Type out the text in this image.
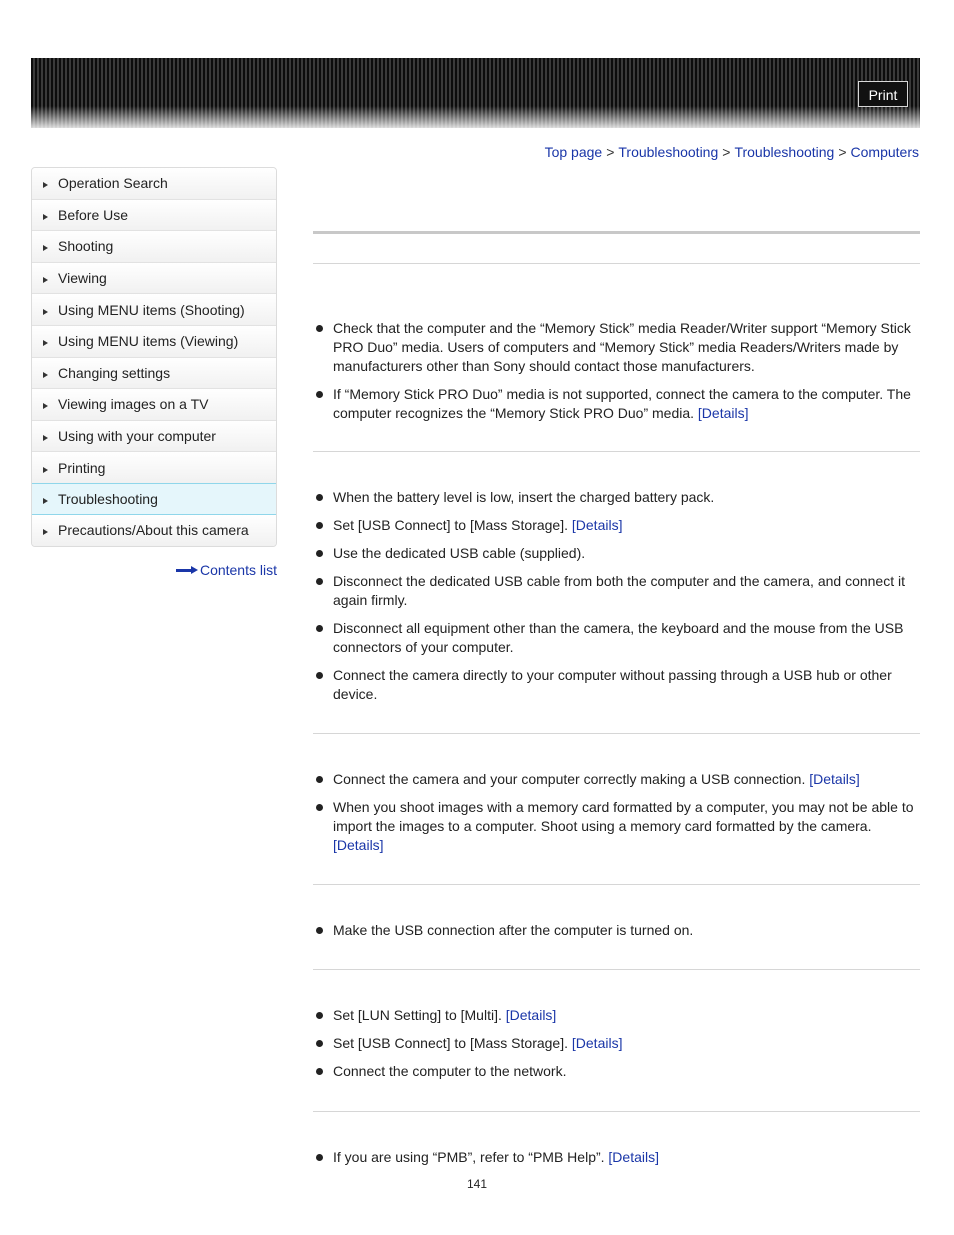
Print
Top page > Troubleshooting > Troubleshooting > Computers
Operation Search
Before Use
Shooting
Viewing
Using MENU items (Shooting)
Using MENU items (Viewing)
Changing settings
Viewing images on a TV
Using with your computer
Printing
Troubleshooting
Precautions/About this camera
Contents list
Check that the computer and the “Memory Stick” media Reader/Writer support “Memory Stick PRO Duo” media. Users of computers and “Memory Stick” media Readers/Writers made by manufacturers other than Sony should contact those manufacturers.
If “Memory Stick PRO Duo” media is not supported, connect the camera to the computer. The computer recognizes the “Memory Stick PRO Duo” media. [Details]
When the battery level is low, insert the charged battery pack.
Set [USB Connect] to [Mass Storage]. [Details]
Use the dedicated USB cable (supplied).
Disconnect the dedicated USB cable from both the computer and the camera, and connect it again firmly.
Disconnect all equipment other than the camera, the keyboard and the mouse from the USB connectors of your computer.
Connect the camera directly to your computer without passing through a USB hub or other device.
Connect the camera and your computer correctly making a USB connection. [Details]
When you shoot images with a memory card formatted by a computer, you may not be able to import the images to a computer. Shoot using a memory card formatted by the camera. [Details]
Make the USB connection after the computer is turned on.
Set [LUN Setting] to [Multi]. [Details]
Set [USB Connect] to [Mass Storage]. [Details]
Connect the computer to the network.
If you are using “PMB”, refer to “PMB Help”. [Details]
141
